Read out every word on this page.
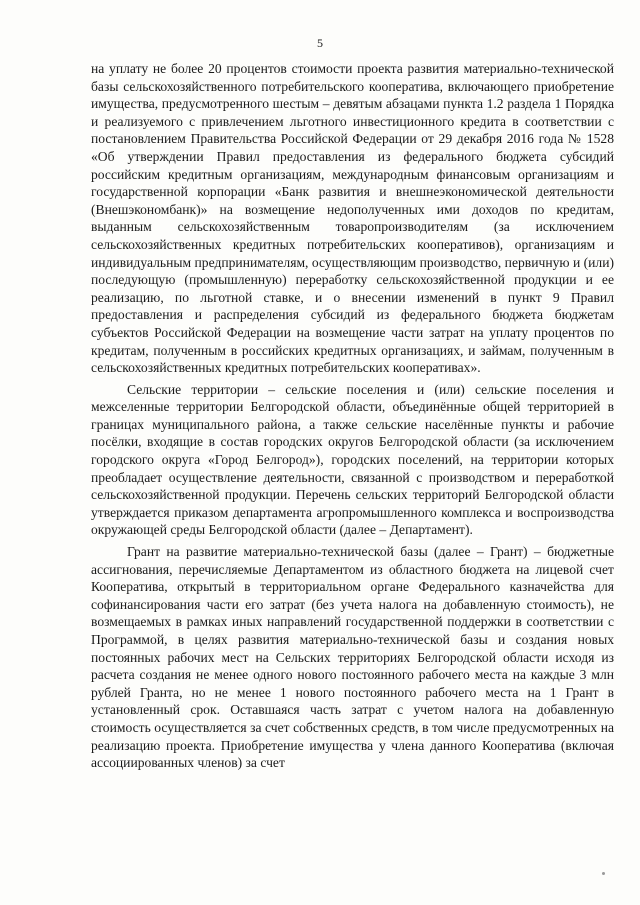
5

на уплату не более 20 процентов стоимости проекта развития материально-технической базы сельскохозяйственного потребительского кооператива, включающего приобретение имущества, предусмотренного шестым – девятым абзацами пункта 1.2 раздела 1 Порядка и реализуемого с привлечением льготного инвестиционного кредита в соответствии с постановлением Правительства Российской Федерации от 29 декабря 2016 года № 1528 «Об утверждении Правил предоставления из федерального бюджета субсидий российским кредитным организациям, международным финансовым организациям и государственной корпорации «Банк развития и внешнеэкономической деятельности (Внешэкономбанк)» на возмещение недополученных ими доходов по кредитам, выданным сельскохозяйственным товаропроизводителям (за исключением сельскохозяйственных кредитных потребительских кооперативов), организациям и индивидуальным предпринимателям, осуществляющим производство, первичную и (или) последующую (промышленную) переработку сельскохозяйственной продукции и ее реализацию, по льготной ставке, и о внесении изменений в пункт 9 Правил предоставления и распределения субсидий из федерального бюджета бюджетам субъектов Российской Федерации на возмещение части затрат на уплату процентов по кредитам, полученным в российских кредитных организациях, и займам, полученным в сельскохозяйственных кредитных потребительских кооперативах».

Сельские территории – сельские поселения и (или) сельские поселения и межселенные территории Белгородской области, объединённые общей территорией в границах муниципального района, а также сельские населённые пункты и рабочие посёлки, входящие в состав городских округов Белгородской области (за исключением городского округа «Город Белгород»), городских поселений, на территории которых преобладает осуществление деятельности, связанной с производством и переработкой сельскохозяйственной продукции. Перечень сельских территорий Белгородской области утверждается приказом департамента агропромышленного комплекса и воспроизводства окружающей среды Белгородской области (далее – Департамент).

Грант на развитие материально-технической базы (далее – Грант) – бюджетные ассигнования, перечисляемые Департаментом из областного бюджета на лицевой счет Кооператива, открытый в территориальном органе Федерального казначейства для софинансирования части его затрат (без учета налога на добавленную стоимость), не возмещаемых в рамках иных направлений государственной поддержки в соответствии с Программой, в целях развития материально-технической базы и создания новых постоянных рабочих мест на Сельских территориях Белгородской области исходя из расчета создания не менее одного нового постоянного рабочего места на каждые 3 млн рублей Гранта, но не менее 1 нового постоянного рабочего места на 1 Грант в установленный срок. Оставшаяся часть затрат с учетом налога на добавленную стоимость осуществляется за счет собственных средств, в том числе предусмотренных на реализацию проекта. Приобретение имущества у члена данного Кооператива (включая ассоциированных членов) за счет
